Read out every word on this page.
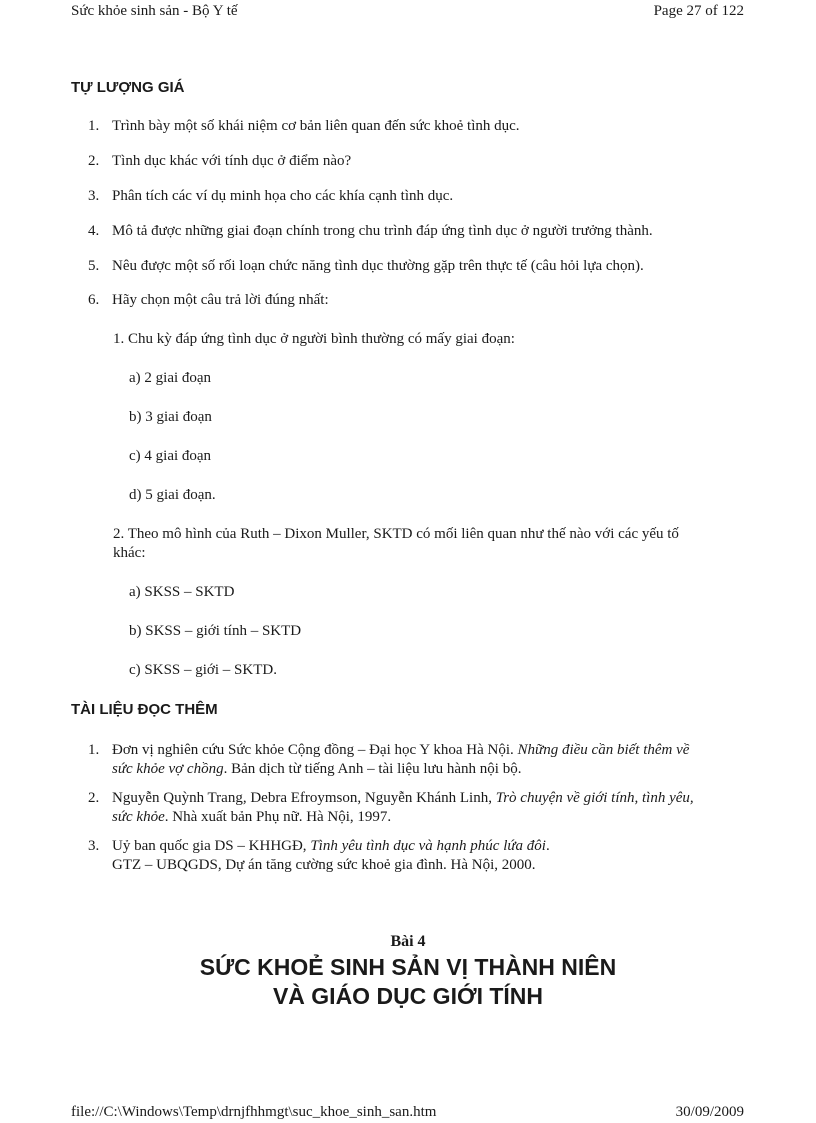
Sức khỏe sinh sản - Bộ Y tế	Page 27 of 122
TỰ LƯỢNG GIÁ
1. Trình bày một số khái niệm cơ bản liên quan đến sức khoẻ tình dục.
2. Tình dục khác với tính dục ở điểm nào?
3. Phân tích các ví dụ minh họa cho các khía cạnh tình dục.
4. Mô tả được những giai đoạn chính trong chu trình đáp ứng tình dục ở người trưởng thành.
5. Nêu được một số rối loạn chức năng tình dục thường gặp trên thực tế (câu hỏi lựa chọn).
6. Hãy chọn một câu trả lời đúng nhất:
1. Chu kỳ đáp ứng tình dục ở người bình thường có mấy giai đoạn:
a) 2 giai đoạn
b) 3 giai đoạn
c) 4 giai đoạn
d) 5 giai đoạn.
2. Theo mô hình của Ruth – Dixon Muller, SKTD có mối liên quan như thế nào với các yếu tố
khác:
a) SKSS – SKTD
b) SKSS – giới tính – SKTD
c) SKSS – giới – SKTD.
TÀI LIỆU ĐỌC THÊM
1. Đơn vị nghiên cứu Sức khỏe Cộng đồng – Đại học Y khoa Hà Nội. Những điều cần biết thêm về
sức khỏe vợ chồng. Bản dịch từ tiếng Anh – tài liệu lưu hành nội bộ.
2. Nguyễn Quỳnh Trang, Debra Efroymson, Nguyễn Khánh Linh, Trò chuyện về giới tính, tình yêu,
sức khỏe. Nhà xuất bản Phụ nữ. Hà Nội, 1997.
3. Uỷ ban quốc gia DS – KHHGĐ, Tình yêu tình dục và hạnh phúc lứa đôi.
GTZ – UBQGDS, Dự án tăng cường sức khoẻ gia đình. Hà Nội, 2000.
Bài 4
SỨC KHOẺ SINH SẢN VỊ THÀNH NIÊN
VÀ GIÁO DỤC GIỚI TÍNH
file://C:\Windows\Temp\drnjfhhmgt\suc_khoe_sinh_san.htm	30/09/2009
